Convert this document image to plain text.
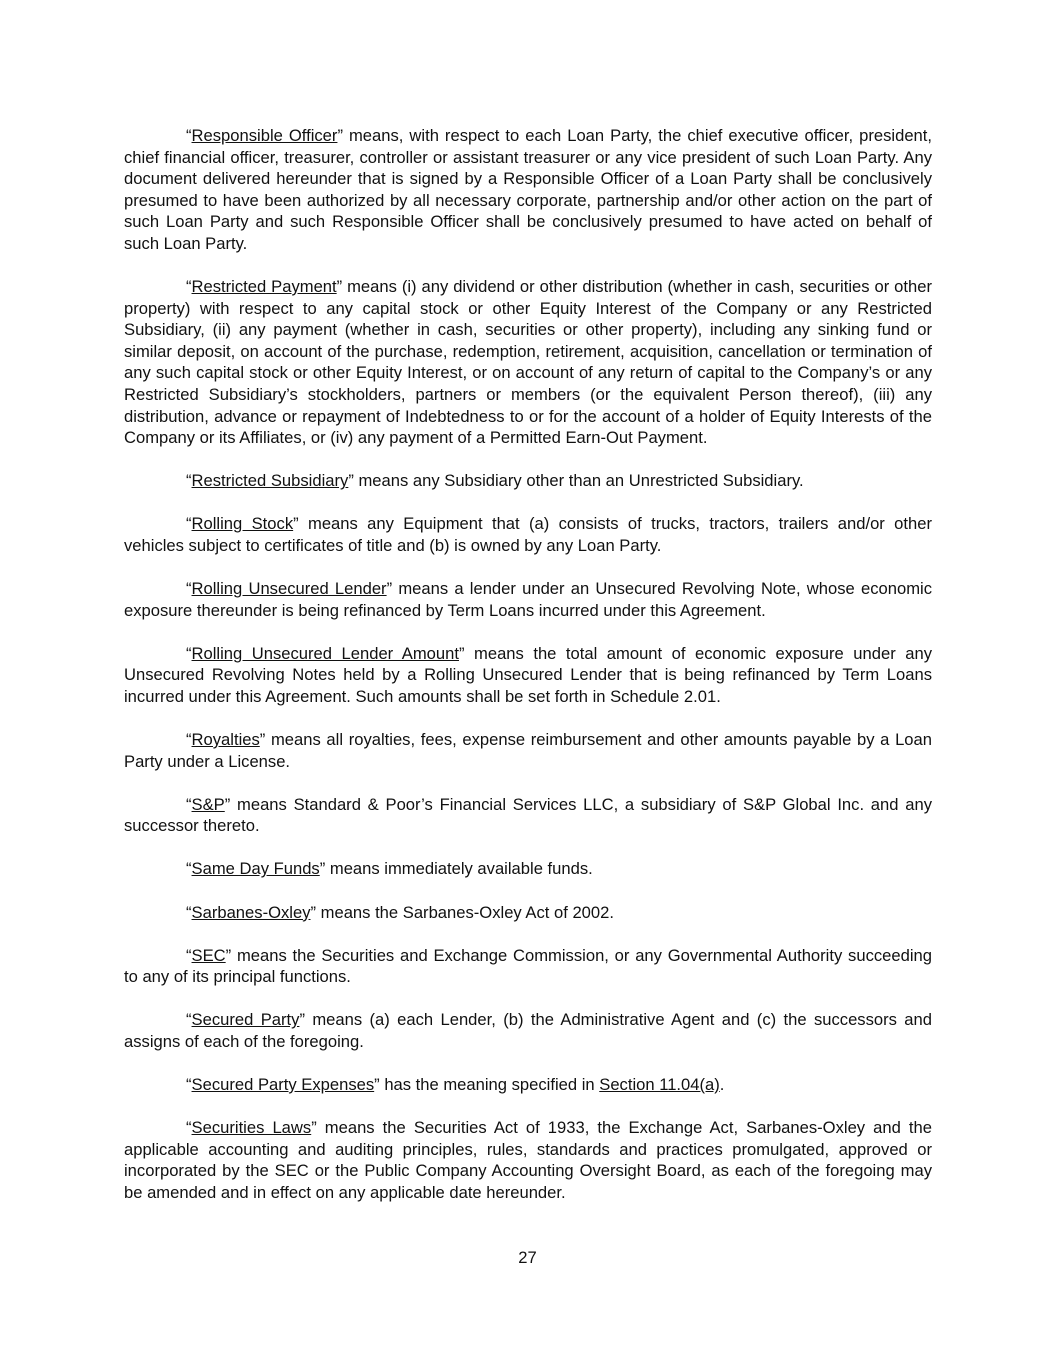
“Responsible Officer” means, with respect to each Loan Party, the chief executive officer, president, chief financial officer, treasurer, controller or assistant treasurer or any vice president of such Loan Party. Any document delivered hereunder that is signed by a Responsible Officer of a Loan Party shall be conclusively presumed to have been authorized by all necessary corporate, partnership and/or other action on the part of such Loan Party and such Responsible Officer shall be conclusively presumed to have acted on behalf of such Loan Party.

“Restricted Payment” means (i) any dividend or other distribution (whether in cash, securities or other property) with respect to any capital stock or other Equity Interest of the Company or any Restricted Subsidiary, (ii) any payment (whether in cash, securities or other property), including any sinking fund or similar deposit, on account of the purchase, redemption, retirement, acquisition, cancellation or termination of any such capital stock or other Equity Interest, or on account of any return of capital to the Company’s or any Restricted Subsidiary’s stockholders, partners or members (or the equivalent Person thereof), (iii) any distribution, advance or repayment of Indebtedness to or for the account of a holder of Equity Interests of the Company or its Affiliates, or (iv) any payment of a Permitted Earn-Out Payment.

“Restricted Subsidiary” means any Subsidiary other than an Unrestricted Subsidiary.

“Rolling Stock” means any Equipment that (a) consists of trucks, tractors, trailers and/or other vehicles subject to certificates of title and (b) is owned by any Loan Party.

“Rolling Unsecured Lender” means a lender under an Unsecured Revolving Note, whose economic exposure thereunder is being refinanced by Term Loans incurred under this Agreement.

“Rolling Unsecured Lender Amount” means the total amount of economic exposure under any Unsecured Revolving Notes held by a Rolling Unsecured Lender that is being refinanced by Term Loans incurred under this Agreement. Such amounts shall be set forth in Schedule 2.01.

“Royalties” means all royalties, fees, expense reimbursement and other amounts payable by a Loan Party under a License.

“S&P” means Standard & Poor’s Financial Services LLC, a subsidiary of S&P Global Inc. and any successor thereto.

“Same Day Funds” means immediately available funds.

“Sarbanes-Oxley” means the Sarbanes-Oxley Act of 2002.

“SEC” means the Securities and Exchange Commission, or any Governmental Authority succeeding to any of its principal functions.

“Secured Party” means (a) each Lender, (b) the Administrative Agent and (c) the successors and assigns of each of the foregoing.

“Secured Party Expenses” has the meaning specified in Section 11.04(a).

“Securities Laws” means the Securities Act of 1933, the Exchange Act, Sarbanes-Oxley and the applicable accounting and auditing principles, rules, standards and practices promulgated, approved or incorporated by the SEC or the Public Company Accounting Oversight Board, as each of the foregoing may be amended and in effect on any applicable date hereunder.

27
